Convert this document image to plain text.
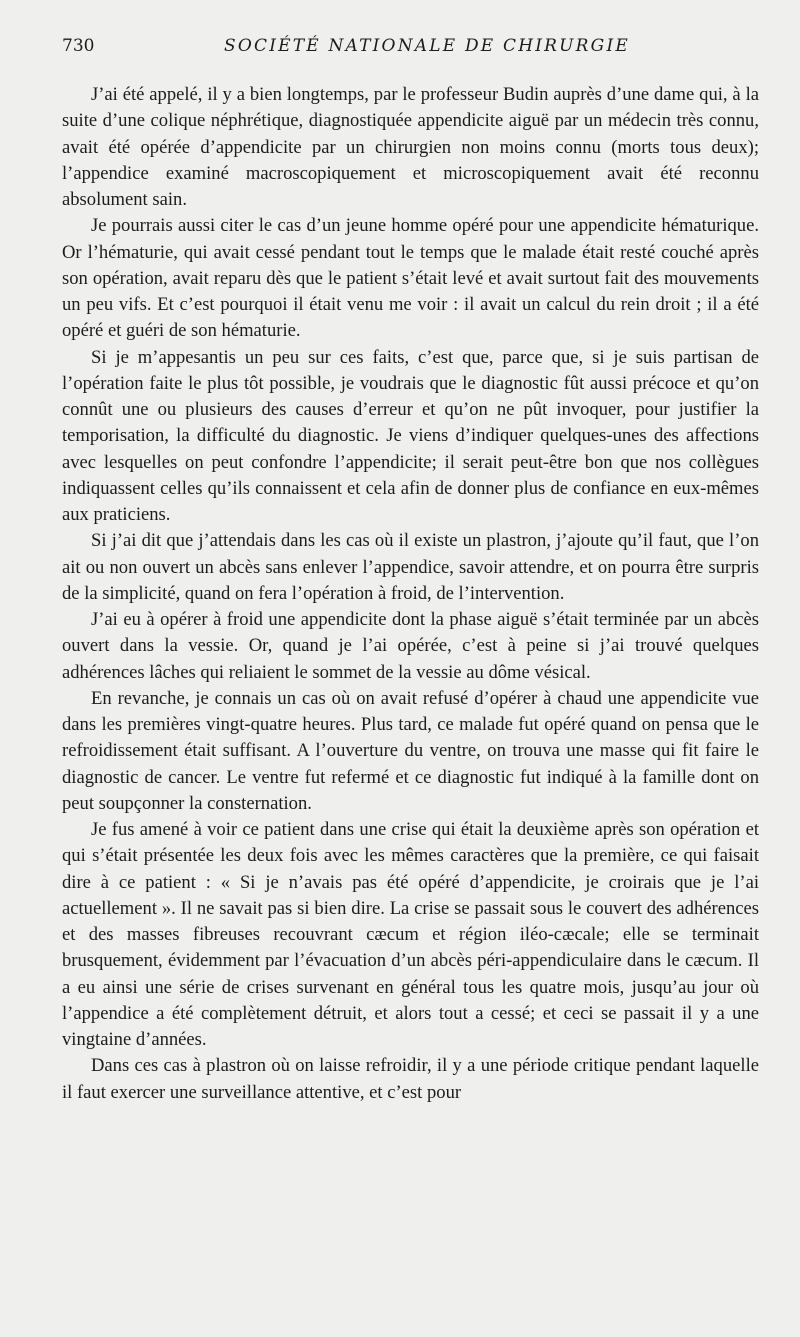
730	SOCIÉTÉ NATIONALE DE CHIRURGIE

J’ai été appelé, il y a bien longtemps, par le professeur Budin auprès d’une dame qui, à la suite d’une colique néphrétique, diagnostiquée appendicite aiguë par un médecin très connu, avait été opérée d’appendicite par un chirurgien non moins connu (morts tous deux); l’appendice examiné macroscopiquement et microscopiquement avait été reconnu absolument sain.

Je pourrais aussi citer le cas d’un jeune homme opéré pour une appendicite hématurique. Or l’hématurie, qui avait cessé pendant tout le temps que le malade était resté couché après son opération, avait reparu dès que le patient s’était levé et avait surtout fait des mouvements un peu vifs. Et c’est pourquoi il était venu me voir : il avait un calcul du rein droit ; il a été opéré et guéri de son hématurie.

Si je m’appesantis un peu sur ces faits, c’est que, parce que, si je suis partisan de l’opération faite le plus tôt possible, je voudrais que le diagnostic fût aussi précoce et qu’on connût une ou plusieurs des causes d’erreur et qu’on ne pût invoquer, pour justifier la temporisation, la difficulté du diagnostic. Je viens d’indiquer quelques-unes des affections avec lesquelles on peut confondre l’appendicite; il serait peut-être bon que nos collègues indiquassent celles qu’ils connaissent et cela afin de donner plus de confiance en eux-mêmes aux praticiens.

Si j’ai dit que j’attendais dans les cas où il existe un plastron, j’ajoute qu’il faut, que l’on ait ou non ouvert un abcès sans enlever l’appendice, savoir attendre, et on pourra être surpris de la simplicité, quand on fera l’opération à froid, de l’intervention.

J’ai eu à opérer à froid une appendicite dont la phase aiguë s’était terminée par un abcès ouvert dans la vessie. Or, quand je l’ai opérée, c’est à peine si j’ai trouvé quelques adhérences lâches qui reliaient le sommet de la vessie au dôme vésical.

En revanche, je connais un cas où on avait refusé d’opérer à chaud une appendicite vue dans les premières vingt-quatre heures. Plus tard, ce malade fut opéré quand on pensa que le refroidissement était suffisant. A l’ouverture du ventre, on trouva une masse qui fit faire le diagnostic de cancer. Le ventre fut refermé et ce diagnostic fut indiqué à la famille dont on peut soupçonner la consternation.

Je fus amené à voir ce patient dans une crise qui était la deuxième après son opération et qui s’était présentée les deux fois avec les mêmes caractères que la première, ce qui faisait dire à ce patient : « Si je n’avais pas été opéré d’appendicite, je croirais que je l’ai actuellement ». Il ne savait pas si bien dire. La crise se passait sous le couvert des adhérences et des masses fibreuses recouvrant cæcum et région iléo-cæcale; elle se terminait brusquement, évidemment par l’évacuation d’un abcès péri-appendiculaire dans le cæcum. Il a eu ainsi une série de crises survenant en général tous les quatre mois, jusqu’au jour où l’appendice a été complètement détruit, et alors tout a cessé; et ceci se passait il y a une vingtaine d’années.

Dans ces cas à plastron où on laisse refroidir, il y a une période critique pendant laquelle il faut exercer une surveillance attentive, et c’est pour
